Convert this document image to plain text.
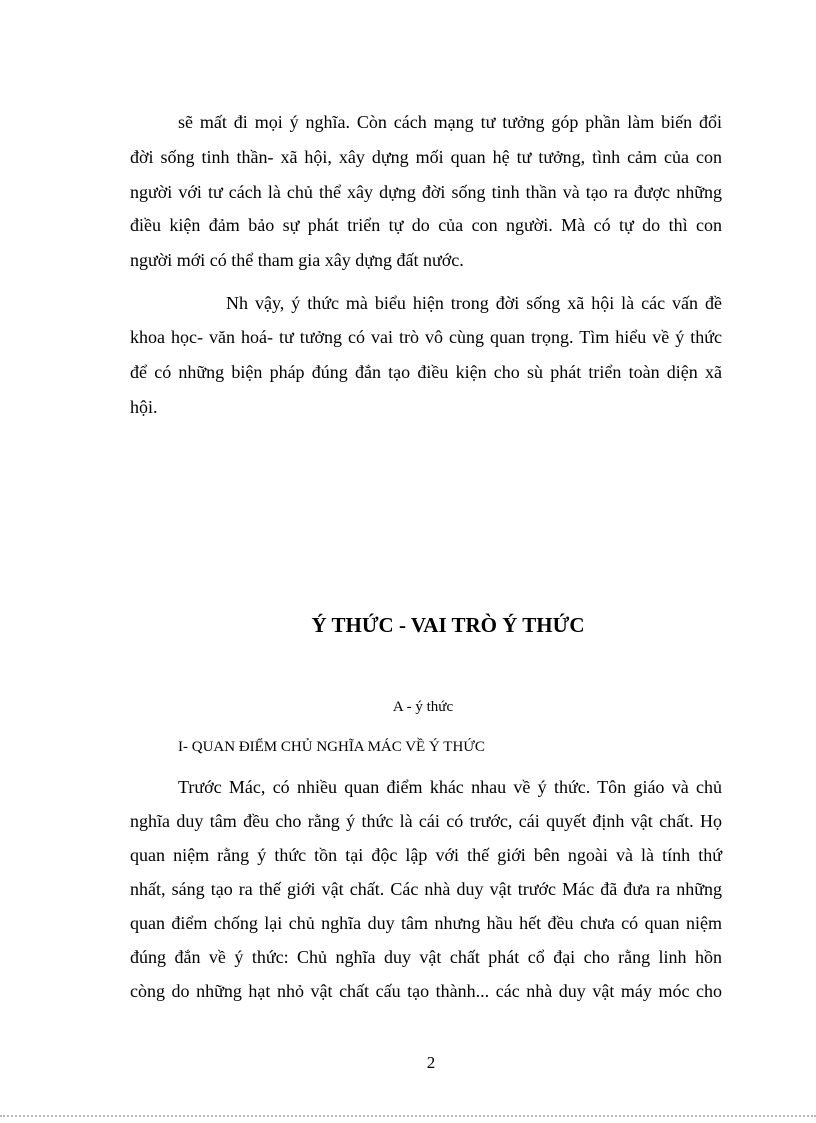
sẽ mất đi mọi ý nghĩa. Còn cách mạng tư tưởng góp phần làm biến đổi
đời sống tinh thần- xã hội, xây dựng mối quan hệ tư tưởng, tình cảm của con
người với tư cách là chủ thể xây dựng đời sống tinh thần và tạo ra được những
điều kiện đảm bảo sự phát triển tự do của con người. Mà có tự do thì con
người mới có thể tham gia xây dựng đất nước.
Nh vậy, ý thức mà biểu hiện trong đời sống xã hội là các vấn đề
khoa học- văn hoá- tư tưởng có vai trò vô cùng quan trọng. Tìm hiểu về ý thức
để có những biện pháp đúng đắn tạo điều kiện cho sù phát triển toàn diện xã
hội.
Ý THỨC - VAI TRÒ Ý THỨC
A - ý thức
I- QUAN ĐIỂM CHỦ NGHĨA MÁC VỀ Ý THỨC
Trước Mác, có nhiều quan điểm khác nhau về ý thức. Tôn giáo và chủ
nghĩa duy tâm đều cho rằng ý thức là cái có trước, cái quyết định vật chất. Họ
quan niệm rằng ý thức tồn tại độc lập với thế giới bên ngoài và là tính thứ
nhất, sáng tạo ra thế giới vật chất. Các nhà duy vật trước Mác đã đưa ra những
quan điểm chống lại chủ nghĩa duy tâm nhưng hầu hết đều chưa có quan niệm
đúng đắn về ý thức: Chủ nghĩa duy vật chất phát cổ đại cho rằng linh hồn
còng do những hạt nhỏ vật chất cấu tạo thành... các nhà duy vật máy móc cho
2
